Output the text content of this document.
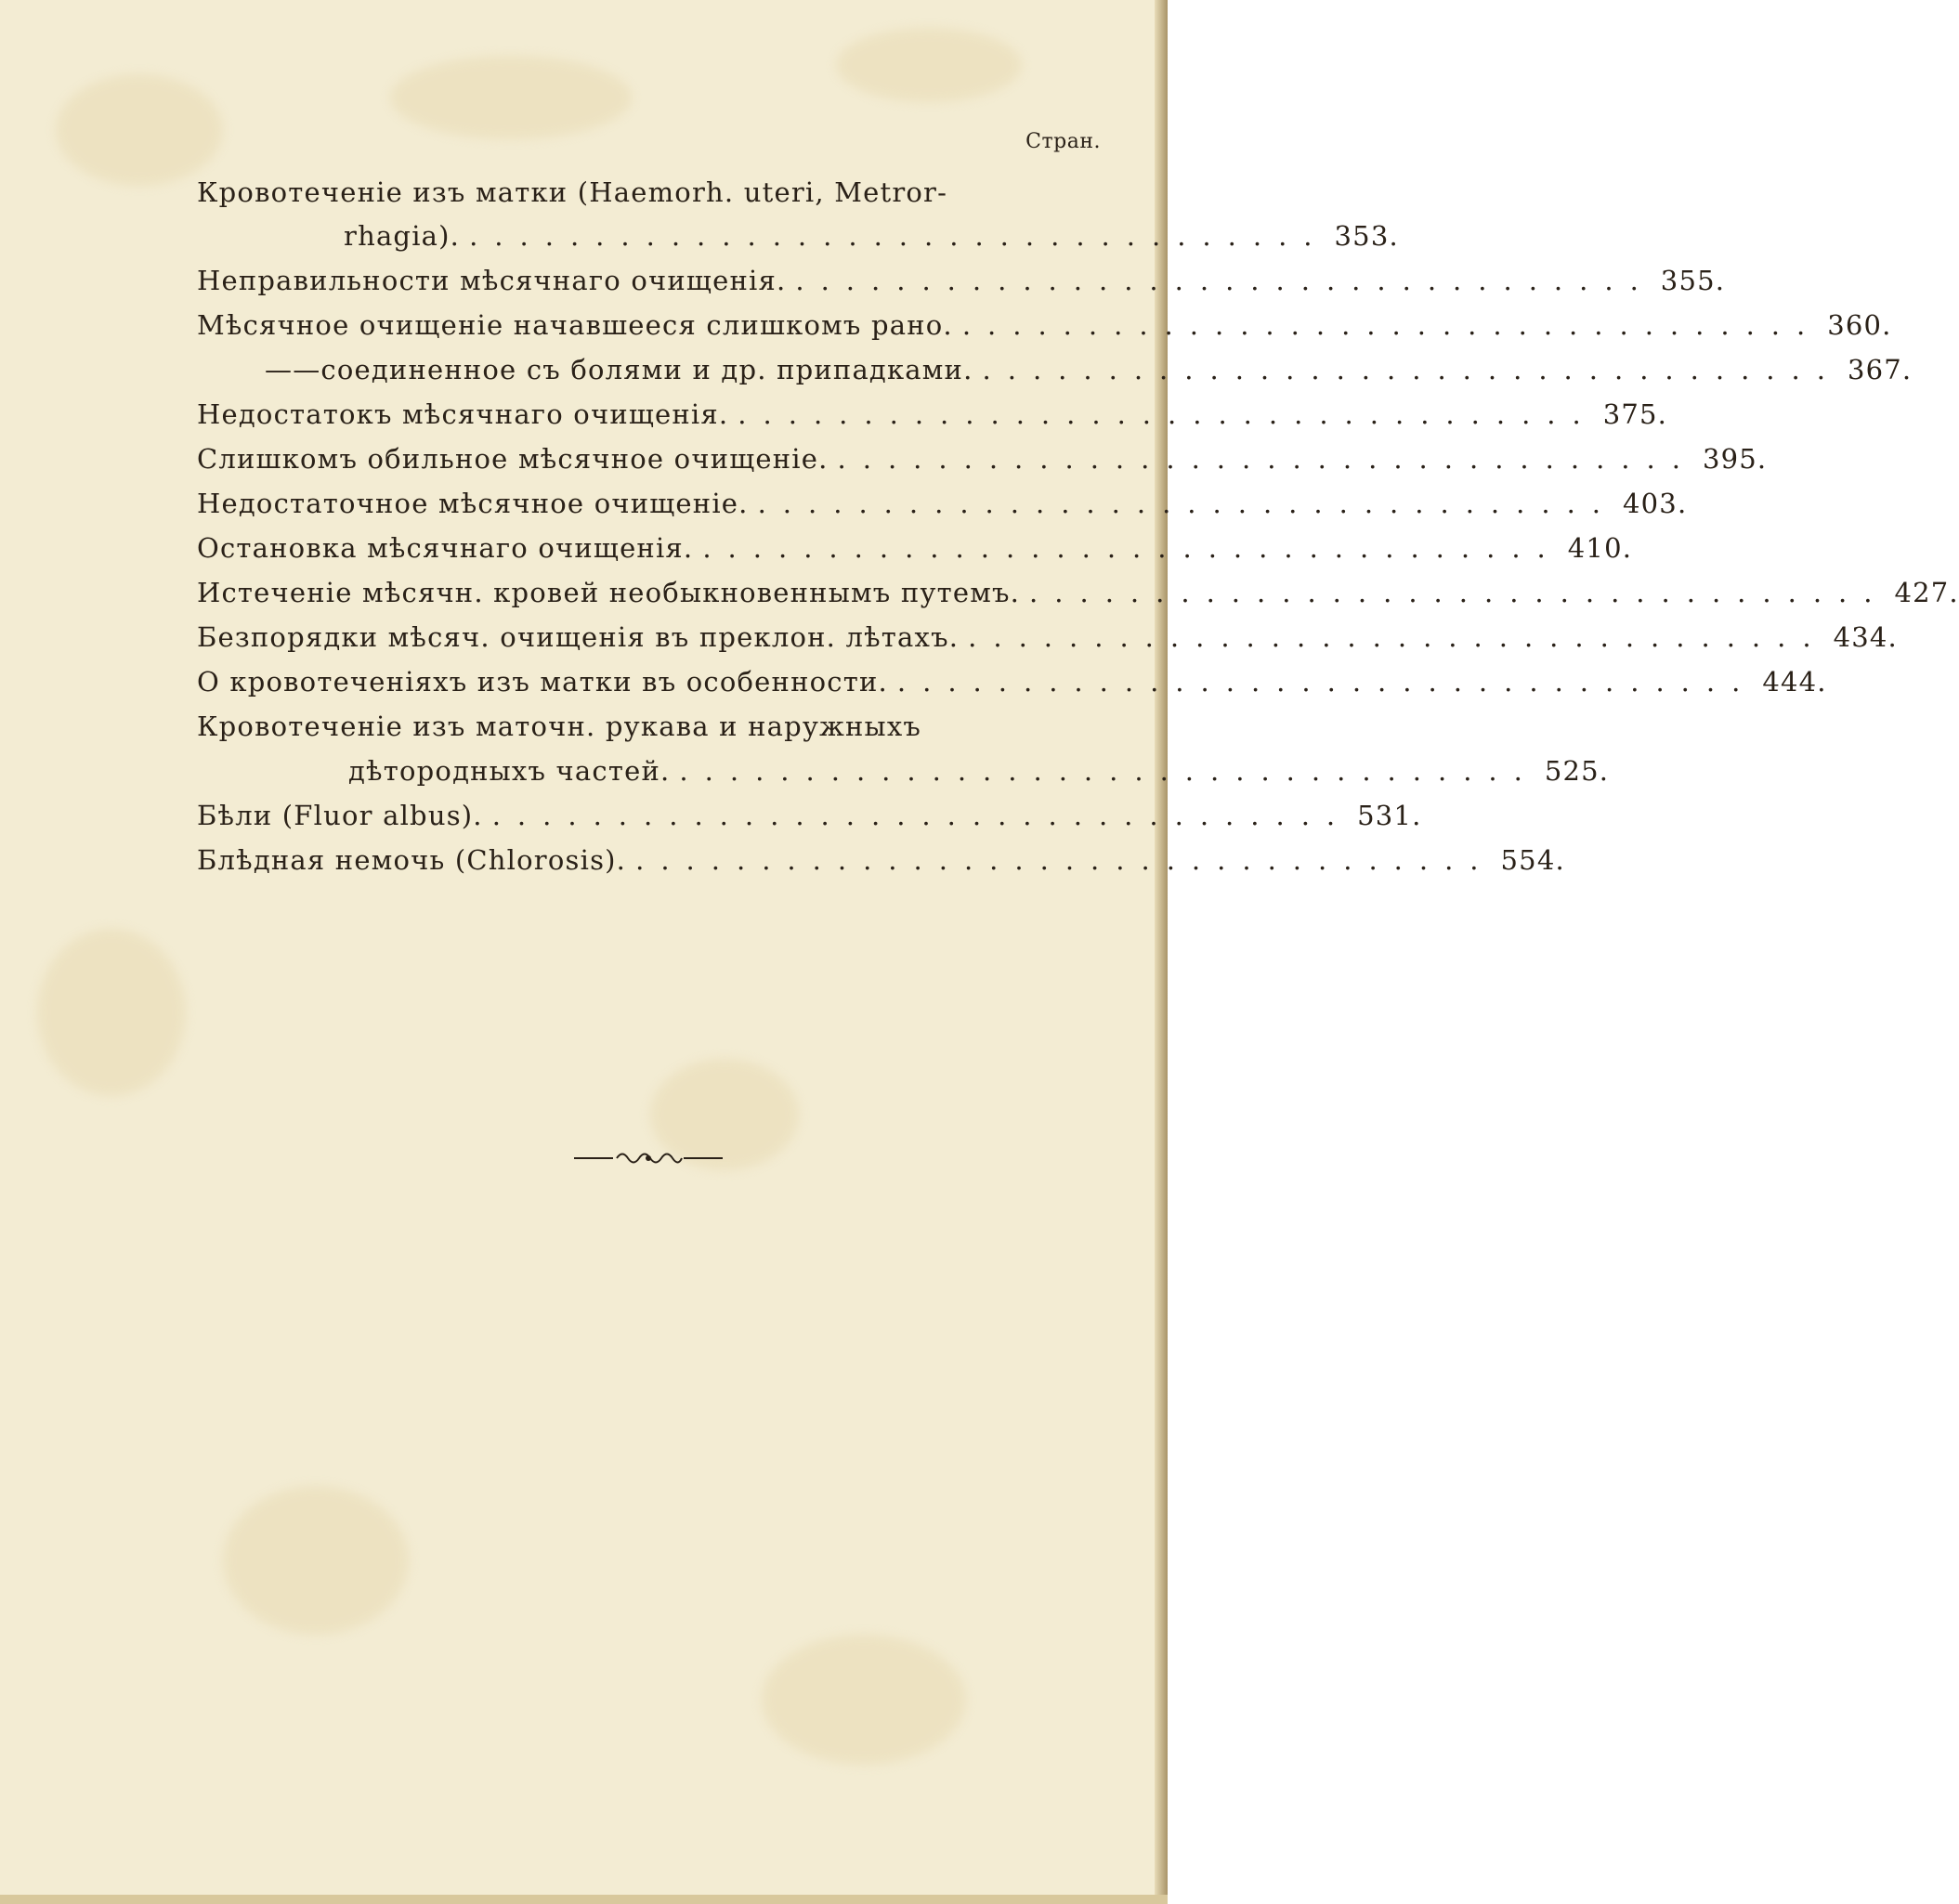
Стран.
Кровотеченіе изъ матки (Haemorh. uteri, Metror-
rhagia). .................................. 353.
Неправильности мѣсячнаго очищенія. .................................. 355.
Мѣсячное очищеніе начавшееся слишкомъ рано. .................................. 360.
——соединенное съ болями и др. припадками. .................................. 367.
Недостатокъ мѣсячнаго очищенія. .................................. 375.
Слишкомъ обильное мѣсячное очищеніе. .................................. 395.
Недостаточное мѣсячное очищеніе. .................................. 403.
Остановка мѣсячнаго очищенія. .................................. 410.
Истеченіе мѣсячн. кровей необыкновеннымъ путемъ. .................................. 427.
Безпорядки мѣсяч. очищенія въ преклон. лѣтахъ. .................................. 434.
О кровотеченіяхъ изъ матки въ особенности. .................................. 444.
Кровотеченіе изъ маточн. рукава и наружныхъ
дѣтородныхъ частей. .................................. 525.
Бѣли (Fluor albus). .................................. 531.
Блѣдная немочь (Chlorosis). .................................. 554.
